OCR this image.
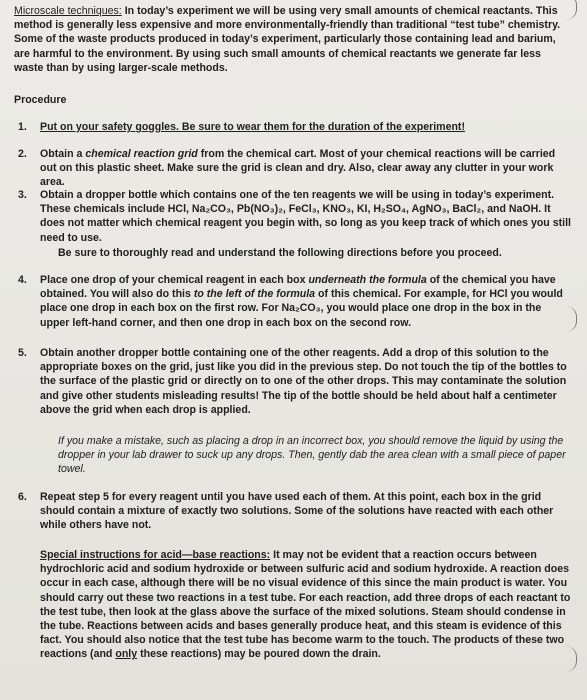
Microscale techniques: In today’s experiment we will be using very small amounts of chemical reactants. This method is generally less expensive and more environmentally-friendly than traditional “test tube” chemistry. Some of the waste products produced in today’s experiment, particularly those containing lead and barium, are harmful to the environment. By using such small amounts of chemical reactants we generate far less waste than by using larger-scale methods.
Procedure
1.	Put on your safety goggles. Be sure to wear them for the duration of the experiment!
2.	Obtain a chemical reaction grid from the chemical cart. Most of your chemical reactions will be carried out on this plastic sheet. Make sure the grid is clean and dry. Also, clear away any clutter in your work area.
3.	Obtain a dropper bottle which contains one of the ten reagents we will be using in today’s experiment. These chemicals include HCl, Na₂CO₃, Pb(NO₃)₂, FeCl₃, KNO₃, KI, H₂SO₄, AgNO₃, BaCl₂, and NaOH. It does not matter which chemical reagent you begin with, so long as you keep track of which ones you still need to use.
Be sure to thoroughly read and understand the following directions before you proceed.
4.	Place one drop of your chemical reagent in each box underneath the formula of the chemical you have obtained. You will also do this to the left of the formula of this chemical. For example, for HCl you would place one drop in each box on the first row. For Na₂CO₃, you would place one drop in the box in the upper left-hand corner, and then one drop in each box on the second row.
5.	Obtain another dropper bottle containing one of the other reagents. Add a drop of this solution to the appropriate boxes on the grid, just like you did in the previous step. Do not touch the tip of the bottles to the surface of the plastic grid or directly on to one of the other drops. This may contaminate the solution and give other students misleading results! The tip of the bottle should be held about half a centimeter above the grid when each drop is applied.
If you make a mistake, such as placing a drop in an incorrect box, you should remove the liquid by using the dropper in your lab drawer to suck up any drops. Then, gently dab the area clean with a small piece of paper towel.
6.	Repeat step 5 for every reagent until you have used each of them. At this point, each box in the grid should contain a mixture of exactly two solutions. Some of the solutions have reacted with each other while others have not.
Special instructions for acid—base reactions: It may not be evident that a reaction occurs between hydrochloric acid and sodium hydroxide or between sulfuric acid and sodium hydroxide. A reaction does occur in each case, although there will be no visual evidence of this since the main product is water. You should carry out these two reactions in a test tube. For each reaction, add three drops of each reactant to the test tube, then look at the glass above the surface of the mixed solutions. Steam should condense in the tube. Reactions between acids and bases generally produce heat, and this steam is evidence of this fact. You should also notice that the test tube has become warm to the touch. The products of these two reactions (and only these reactions) may be poured down the drain.
